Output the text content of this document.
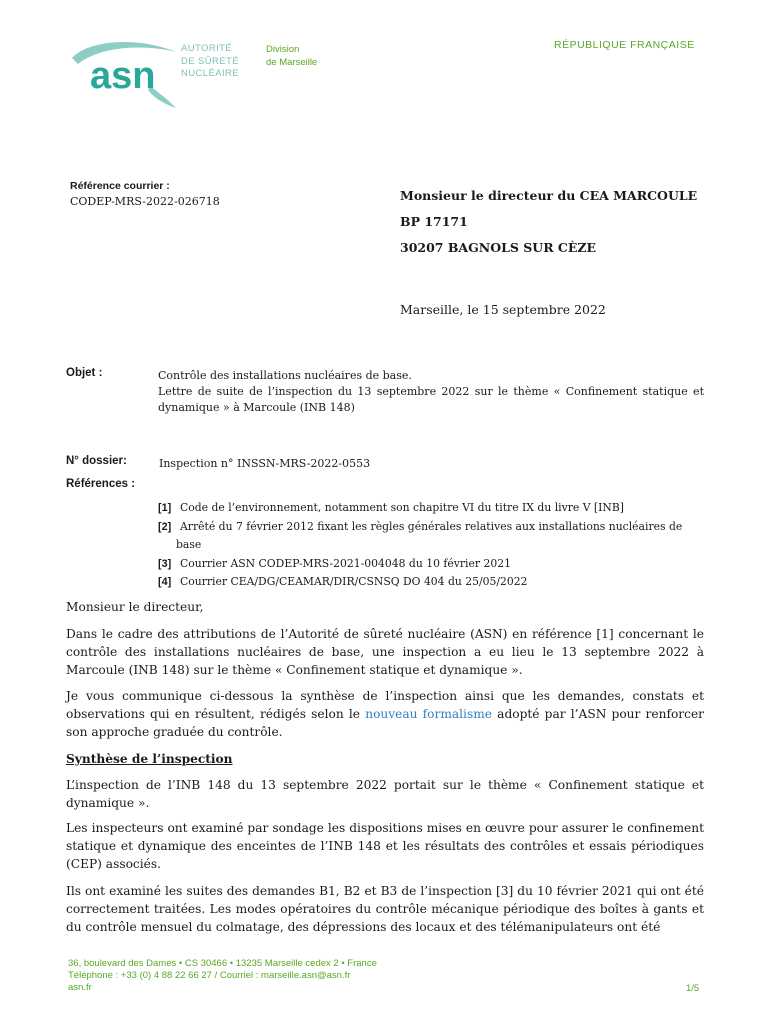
asn
AUTORITÉ
DE SÛRETÉ
NUCLÉAIRE
Division
de Marseille
RÉPUBLIQUE FRANÇAISE
Référence courrier :
CODEP-MRS-2022-026718	Monsieur le directeur du CEA MARCOULE
BP 17171
30207 BAGNOLS SUR CÈZE
Marseille, le 15 septembre 2022
Objet :	Contrôle des installations nucléaires de base.
Lettre de suite de l’inspection du 13 septembre 2022 sur le thème « Confinement statique et dynamique » à Marcoule (INB 148)
N° dossier:	Inspection n° INSSN-MRS-2022-0553
Références :
[1] Code de l’environnement, notamment son chapitre VI du titre IX du livre V [INB]
[2] Arrêté du 7 février 2012 fixant les règles générales relatives aux installations nucléaires de
base
[3] Courrier ASN CODEP-MRS-2021-004048 du 10 février 2021
[4] Courrier CEA/DG/CEAMAR/DIR/CSNSQ DO 404 du 25/05/2022
Monsieur le directeur,
Dans le cadre des attributions de l’Autorité de sûreté nucléaire (ASN) en référence [1] concernant le contrôle des installations nucléaires de base, une inspection a eu lieu le 13 septembre 2022 à Marcoule (INB 148) sur le thème « Confinement statique et dynamique ».
Je vous communique ci-dessous la synthèse de l’inspection ainsi que les demandes, constats et observations qui en résultent, rédigés selon le nouveau formalisme adopté par l’ASN pour renforcer son approche graduée du contrôle.
Synthèse de l’inspection
L’inspection de l’INB 148 du 13 septembre 2022 portait sur le thème « Confinement statique et dynamique ».
Les inspecteurs ont examiné par sondage les dispositions mises en œuvre pour assurer le confinement statique et dynamique des enceintes de l’INB 148 et les résultats des contrôles et essais périodiques (CEP) associés.
Ils ont examiné les suites des demandes B1, B2 et B3 de l’inspection [3] du 10 février 2021 qui ont été correctement traitées. Les modes opératoires du contrôle mécanique périodique des boîtes à gants et du contrôle mensuel du colmatage, des dépressions des locaux et des télémanipulateurs ont été
36, boulevard des Dames • CS 30466 • 13235 Marseille cedex 2 • France
Téléphone : +33 (0) 4 88 22 66 27 / Courriel : marseille.asn@asn.fr
asn.fr	1/5
